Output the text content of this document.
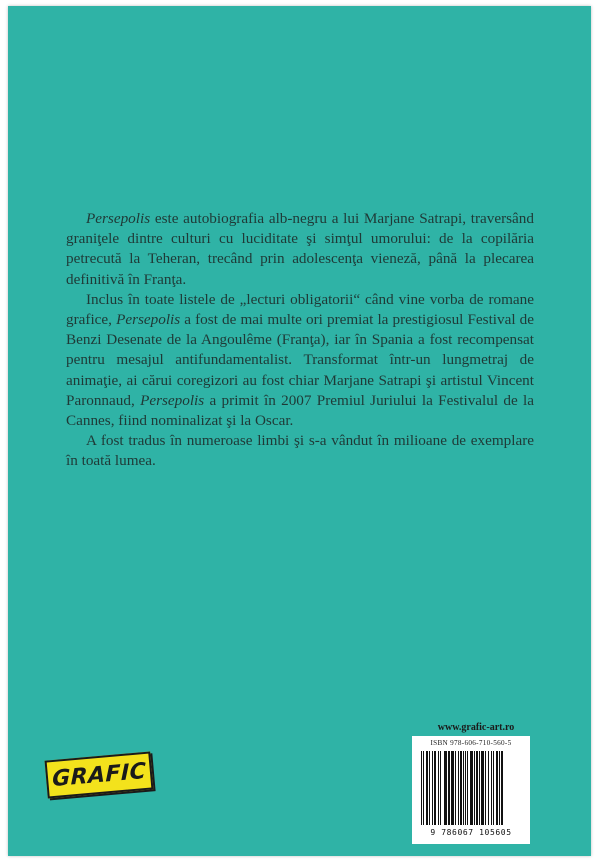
Persepolis este autobiografia alb-negru a lui Marjane Satrapi, traversând graniţele dintre culturi cu luciditate şi simţul umorului: de la copilăria petrecută la Teheran, trecând prin adolescenţa vieneză, până la plecarea definitivă în Franţa.

Inclus în toate listele de „lecturi obligatorii“ când vine vorba de romane grafice, Persepolis a fost de mai multe ori premiat la prestigiosul Festival de Benzi Desenate de la Angoulême (Franţa), iar în Spania a fost recompensat pentru mesajul antifundamentalist. Transformat într-un lungmetraj de animaţie, ai cărui coregizori au fost chiar Marjane Satrapi şi artistul Vincent Paronnaud, Persepolis a primit în 2007 Premiul Juriului la Festivalul de la Cannes, fiind nominalizat şi la Oscar.

A fost tradus în numeroase limbi şi s-a vândut în milioane de exemplare în toată lumea.

GRAFIC
www.grafic-art.ro
ISBN 978-606-710-560-5
9 786067 105605
